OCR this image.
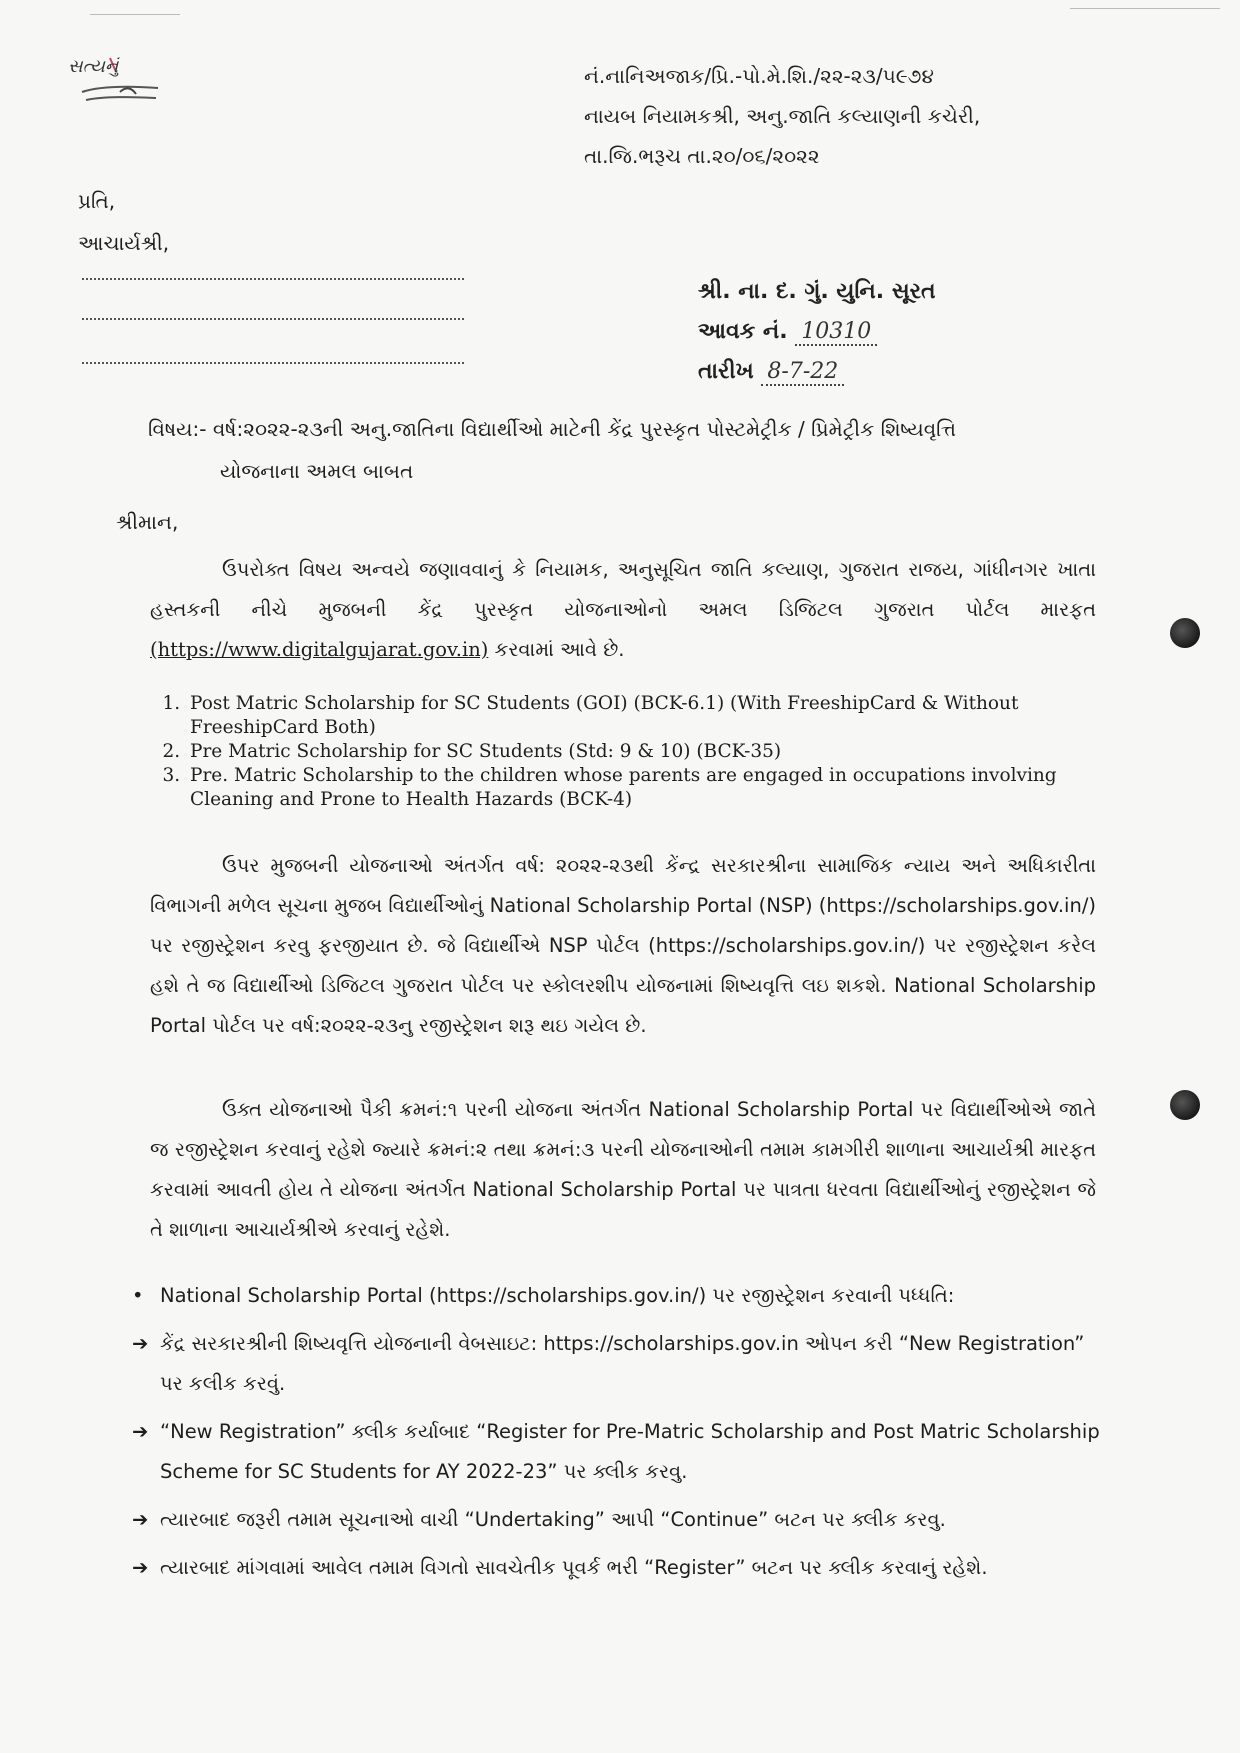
સત્યનું	નં.નાનિઅજાક/પ્રિ.-પો.મે.શિ./૨૨-૨૩/૫૯૭૪
નાયબ નિયામકશ્રી, અનુ.જાતિ કલ્યાણની કચેરી,
તા.જિ.ભરૂચ તા.૨૦/૦૬/૨૦૨૨
પ્રતિ,
આચાર્યશ્રી,
શ્રી. ના. દ. ગું. યુનિ. સૂરત
આવક નં. 10310
તારીખ 8-7-22
વિષય:- વર્ષ:૨૦૨૨-૨૩ની અનુ.જાતિના વિદ્યાર્થીઓ માટેની કેંદ્ર પુરસ્કૃત પોસ્ટમેટ્રીક / પ્રિમેટ્રીક શિષ્યવૃત્તિ
યોજનાના અમલ બાબત
શ્રીમાન,
ઉપરોક્ત વિષય અન્વયે જણાવવાનું કે નિયામક, અનુસૂચિત જાતિ કલ્યાણ, ગુજરાત રાજય, ગાંધીનગર ખાતા હસ્તકની નીચે મુજબની કેંદ્ર પુરસ્કૃત યોજનાઓનો અમલ ડિજિટલ ગુજરાત પોર્ટલ મારફત (https://www.digitalgujarat.gov.in) કરવામાં આવે છે.
1. Post Matric Scholarship for SC Students (GOI) (BCK-6.1) (With FreeshipCard & Without FreeshipCard Both)
2. Pre Matric Scholarship for SC Students (Std: 9 & 10) (BCK-35)
3. Pre. Matric Scholarship to the children whose parents are engaged in occupations involving Cleaning and Prone to Health Hazards (BCK-4)
ઉપર મુજબની યોજનાઓ અંતર્ગત વર્ષ: ૨૦૨૨-૨૩થી કેંન્દ્ર સરકારશ્રીના સામાજિક ન્યાય અને અધિકારીતા વિભાગની મળેલ સૂચના મુજબ વિદ્યાર્થીઓનું National Scholarship Portal (NSP) (https://scholarships.gov.in/) પર રજીસ્ટ્રેશન કરવુ ફરજીયાત છે. જે વિદ્યાર્થીએ NSP પોર્ટલ (https://scholarships.gov.in/) પર રજીસ્ટ્રેશન કરેલ હશે તે જ વિદ્યાર્થીઓ ડિજિટલ ગુજરાત પોર્ટલ પર સ્કોલરશીપ યોજનામાં શિષ્યવૃત્તિ લઇ શકશે. National Scholarship Portal પોર્ટલ પર વર્ષ:૨૦૨૨-૨૩નુ રજીસ્ટ્રેશન શરૂ થઇ ગયેલ છે.
ઉક્ત યોજનાઓ પૈકી ક્રમનં:૧ પરની યોજના અંતર્ગત National Scholarship Portal પર વિદ્યાર્થીઓએ જાતે જ રજીસ્ટ્રેશન કરવાનું રહેશે જ્યારે ક્રમનં:૨ તથા ક્રમનં:૩ પરની યોજનાઓની તમામ કામગીરી શાળાના આચાર્યશ્રી મારફત કરવામાં આવતી હોય તે યોજના અંતર્ગત National Scholarship Portal પર પાત્રતા ધરવતા વિદ્યાર્થીઓનું રજીસ્ટ્રેશન જે તે શાળાના આચાર્યશ્રીએ કરવાનું રહેશે.
• National Scholarship Portal (https://scholarships.gov.in/) પર રજીસ્ટ્રેશન કરવાની પધ્ધતિ:
➔ કેંદ્ર સરકારશ્રીની શિષ્યવૃત્તિ યોજનાની વેબસાઇટ: https://scholarships.gov.in ઓપન કરી “New Registration” પર કલીક કરવું.
➔ “New Registration” ક્લીક કર્યાબાદ “Register for Pre-Matric Scholarship and Post Matric Scholarship Scheme for SC Students for AY 2022-23” પર ક્લીક કરવુ.
➔ ત્યારબાદ જરૂરી તમામ સૂચનાઓ વાચી “Undertaking” આપી “Continue” બટન પર ક્લીક કરવુ.
➔ ત્યારબાદ માંગવામાં આવેલ તમામ વિગતો સાવચેતીક પૂવર્ક ભરી “Register” બટન પર ક્લીક કરવાનું રહેશે.
